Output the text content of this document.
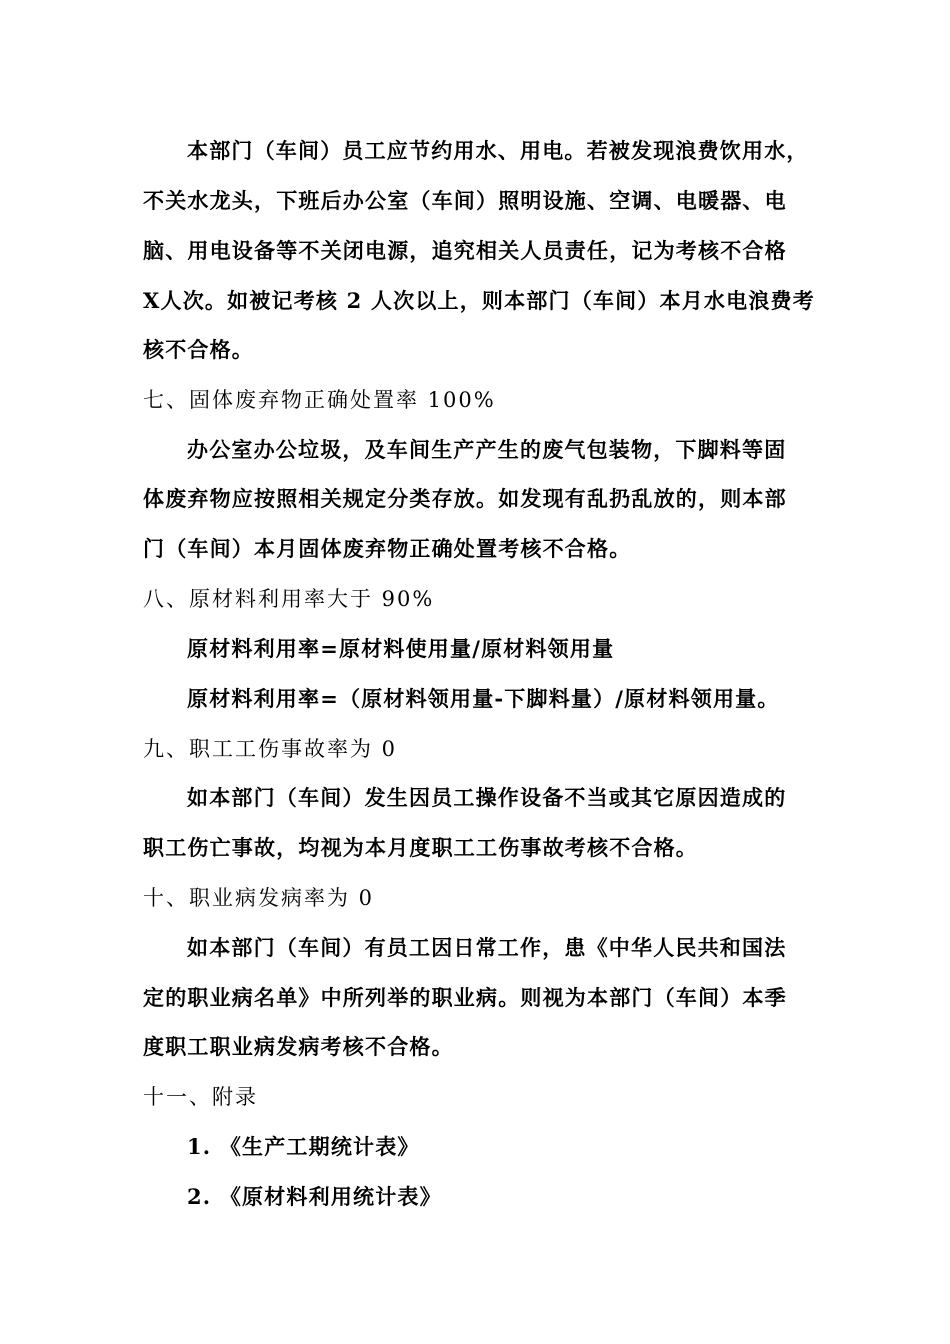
本部门（车间）员工应节约用水、用电。若被发现浪费饮用水，
不关水龙头，下班后办公室（车间）照明设施、空调、电暖器、电
脑、用电设备等不关闭电源，追究相关人员责任，记为考核不合格
X人次。如被记考核 2 人次以上，则本部门（车间）本月水电浪费考
核不合格。
七、固体废弃物正确处置率 100%
办公室办公垃圾，及车间生产产生的废气包装物，下脚料等固
体废弃物应按照相关规定分类存放。如发现有乱扔乱放的，则本部
门（车间）本月固体废弃物正确处置考核不合格。
八、原材料利用率大于 90%
原材料利用率=原材料使用量/原材料领用量
原材料利用率=（原材料领用量-下脚料量）/原材料领用量。
九、职工工伤事故率为 0
如本部门（车间）发生因员工操作设备不当或其它原因造成的
职工伤亡事故，均视为本月度职工工伤事故考核不合格。
十、职业病发病率为 0
如本部门（车间）有员工因日常工作，患《中华人民共和国法
定的职业病名单》中所列举的职业病。则视为本部门（车间）本季
度职工职业病发病考核不合格。
十一、附录
1. 《生产工期统计表》
2. 《原材料利用统计表》
